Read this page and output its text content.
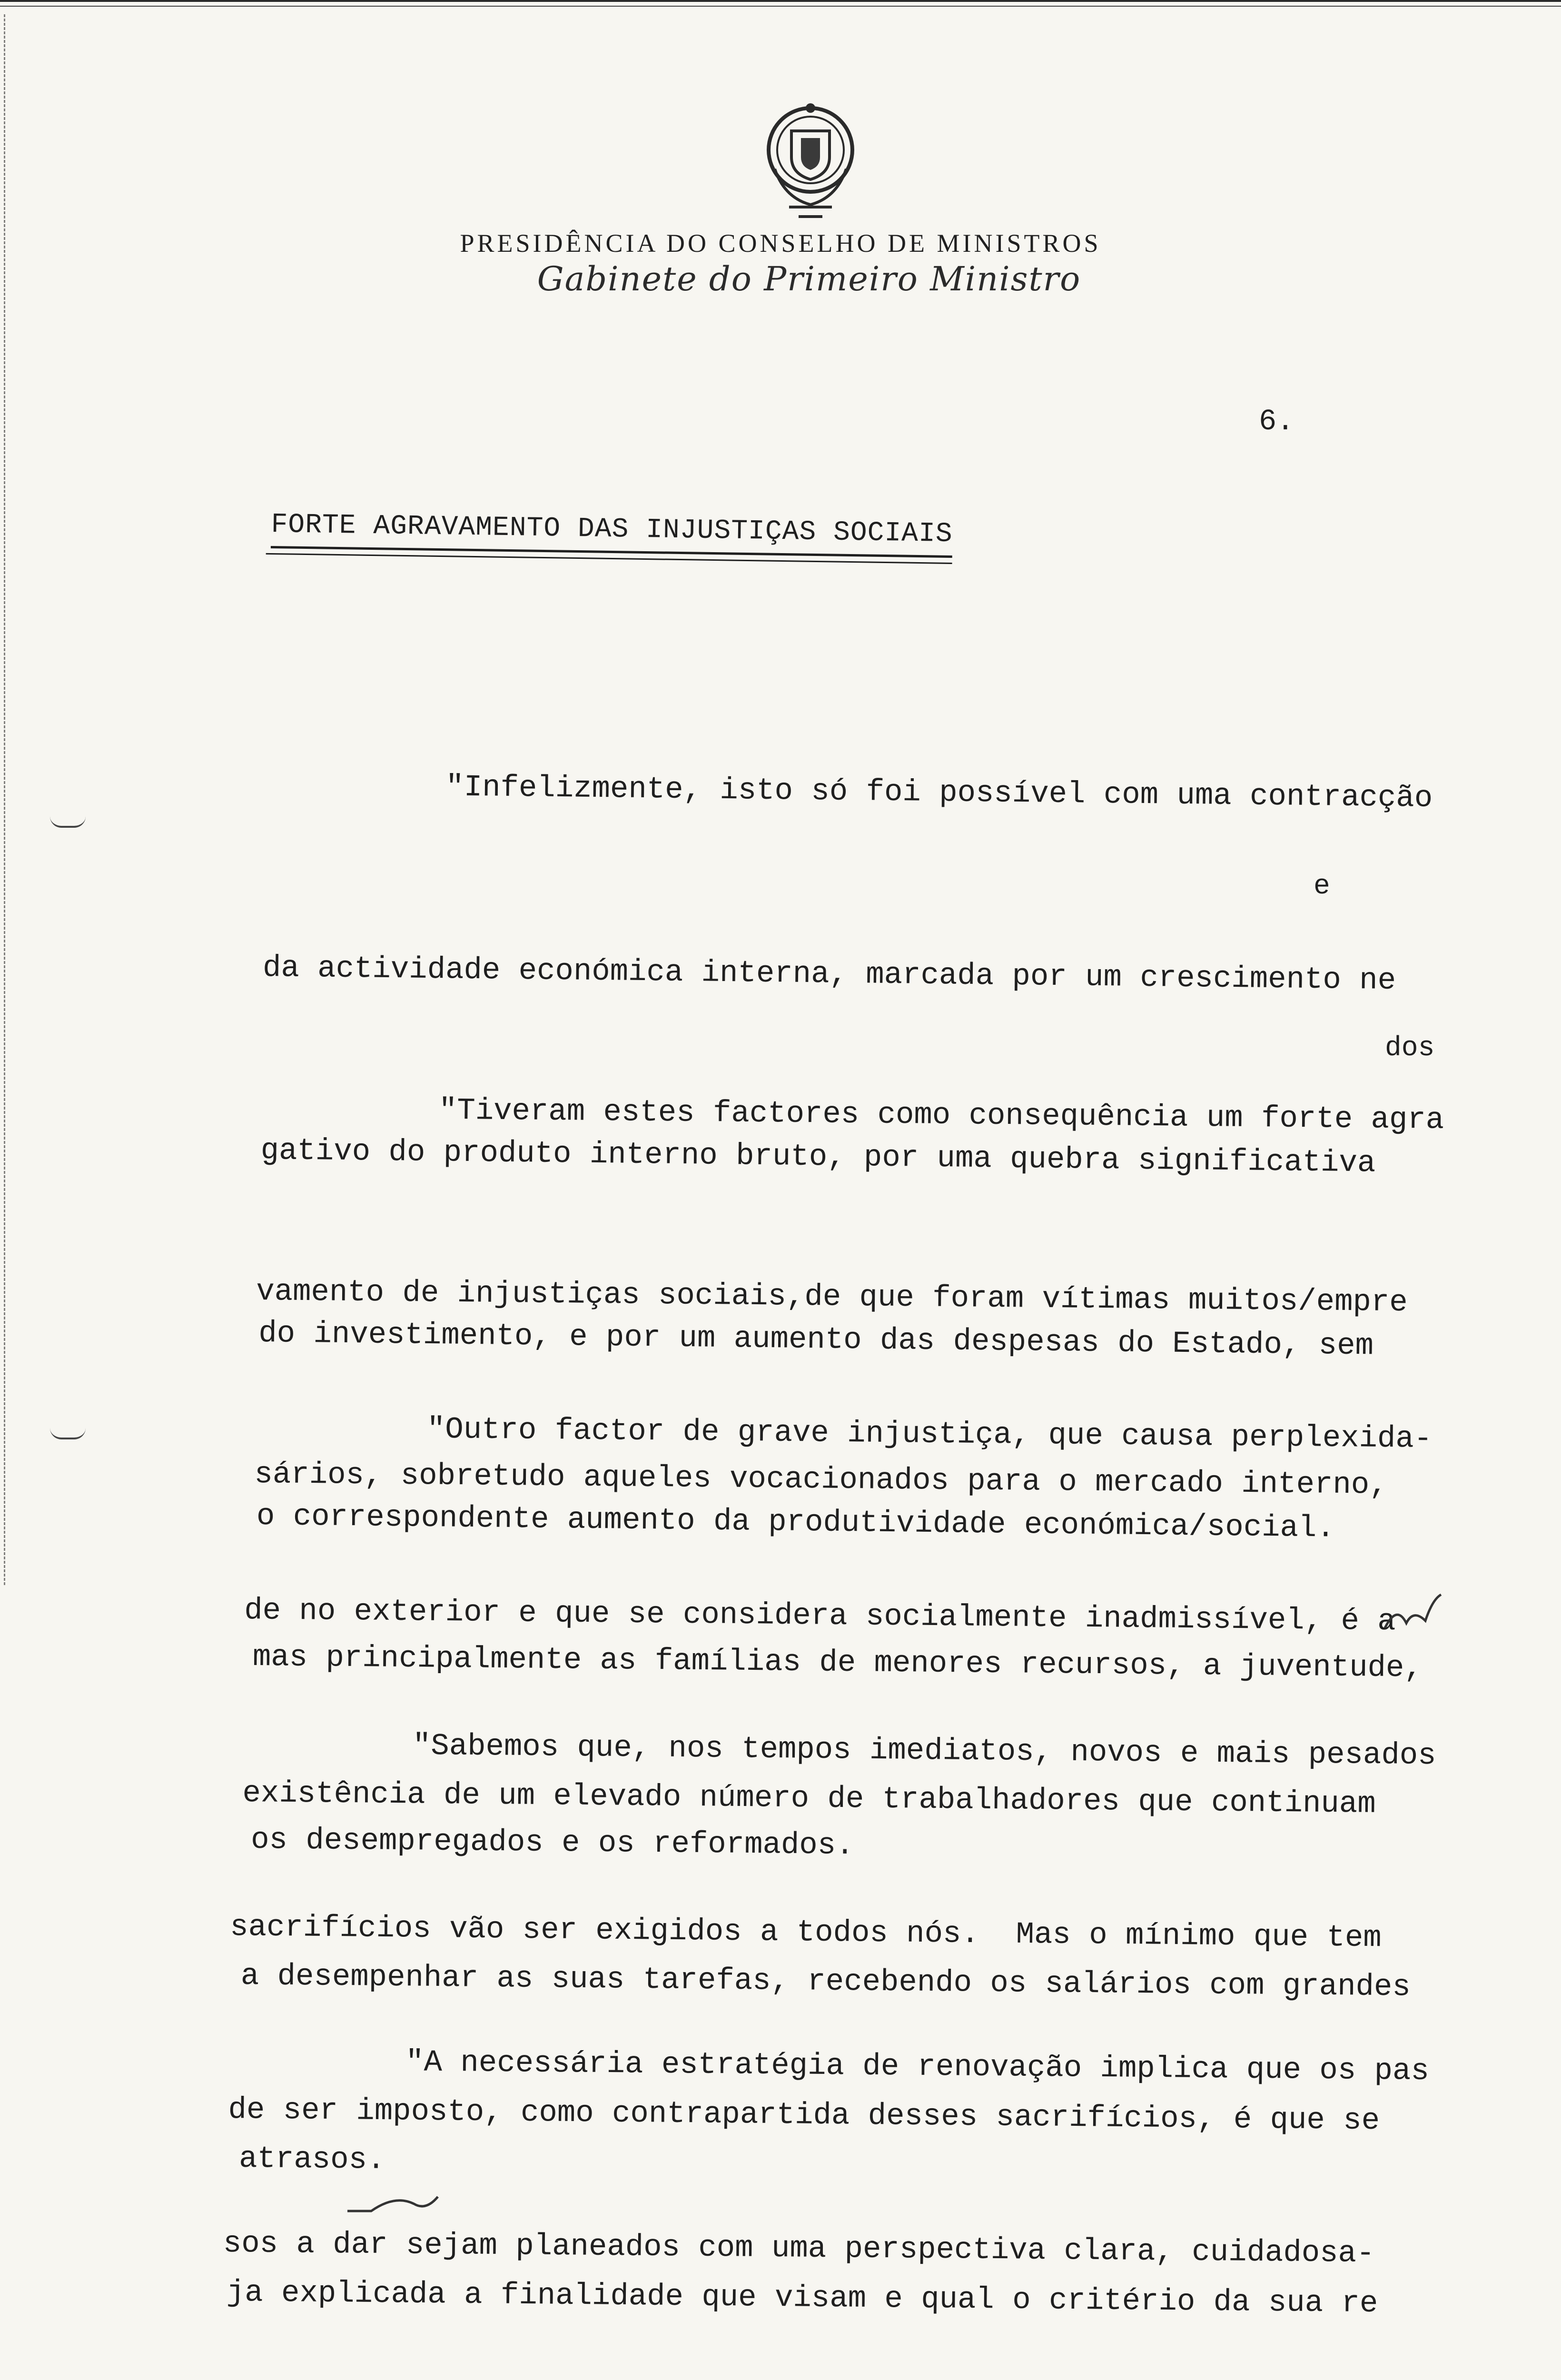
PRESIDÊNCIA DO CONSELHO DE MINISTROS
Gabinete do Primeiro Ministro
6.
FORTE AGRAVAMENTO DAS INJUSTIÇAS SOCIAIS

"Infelizmente, isto só foi possível com uma contracção

da actividade económica interna, marcada por um crescimento ne

gativo do produto interno bruto, por uma quebra significativa

do investimento, e por um aumento das despesas do Estado, sem

o correspondente aumento da produtividade económica/social.

e

"Tiveram estes factores como consequência um forte agra

vamento de injustiças sociais,de que foram vítimas muitos/empre

sários, sobretudo aqueles vocacionados para o mercado interno,

mas principalmente as famílias de menores recursos, a juventude,

os desempregados e os reformados.

dos

"Outro factor de grave injustiça, que causa perplexida-

de no exterior e que se considera socialmente inadmissível, é a

existência de um elevado número de trabalhadores que continuam

a desempenhar as suas tarefas, recebendo os salários com grandes

atrasos.

"Sabemos que, nos tempos imediatos, novos e mais pesados

sacrifícios vão ser exigidos a todos nós.  Mas o mínimo que tem

de ser imposto, como contrapartida desses sacrifícios, é que se

ja explicada a finalidade que visam e qual o critério da sua re

"A necessária estratégia de renovação implica que os pas

sos a dar sejam planeados com uma perspectiva clara, cuidadosa-
